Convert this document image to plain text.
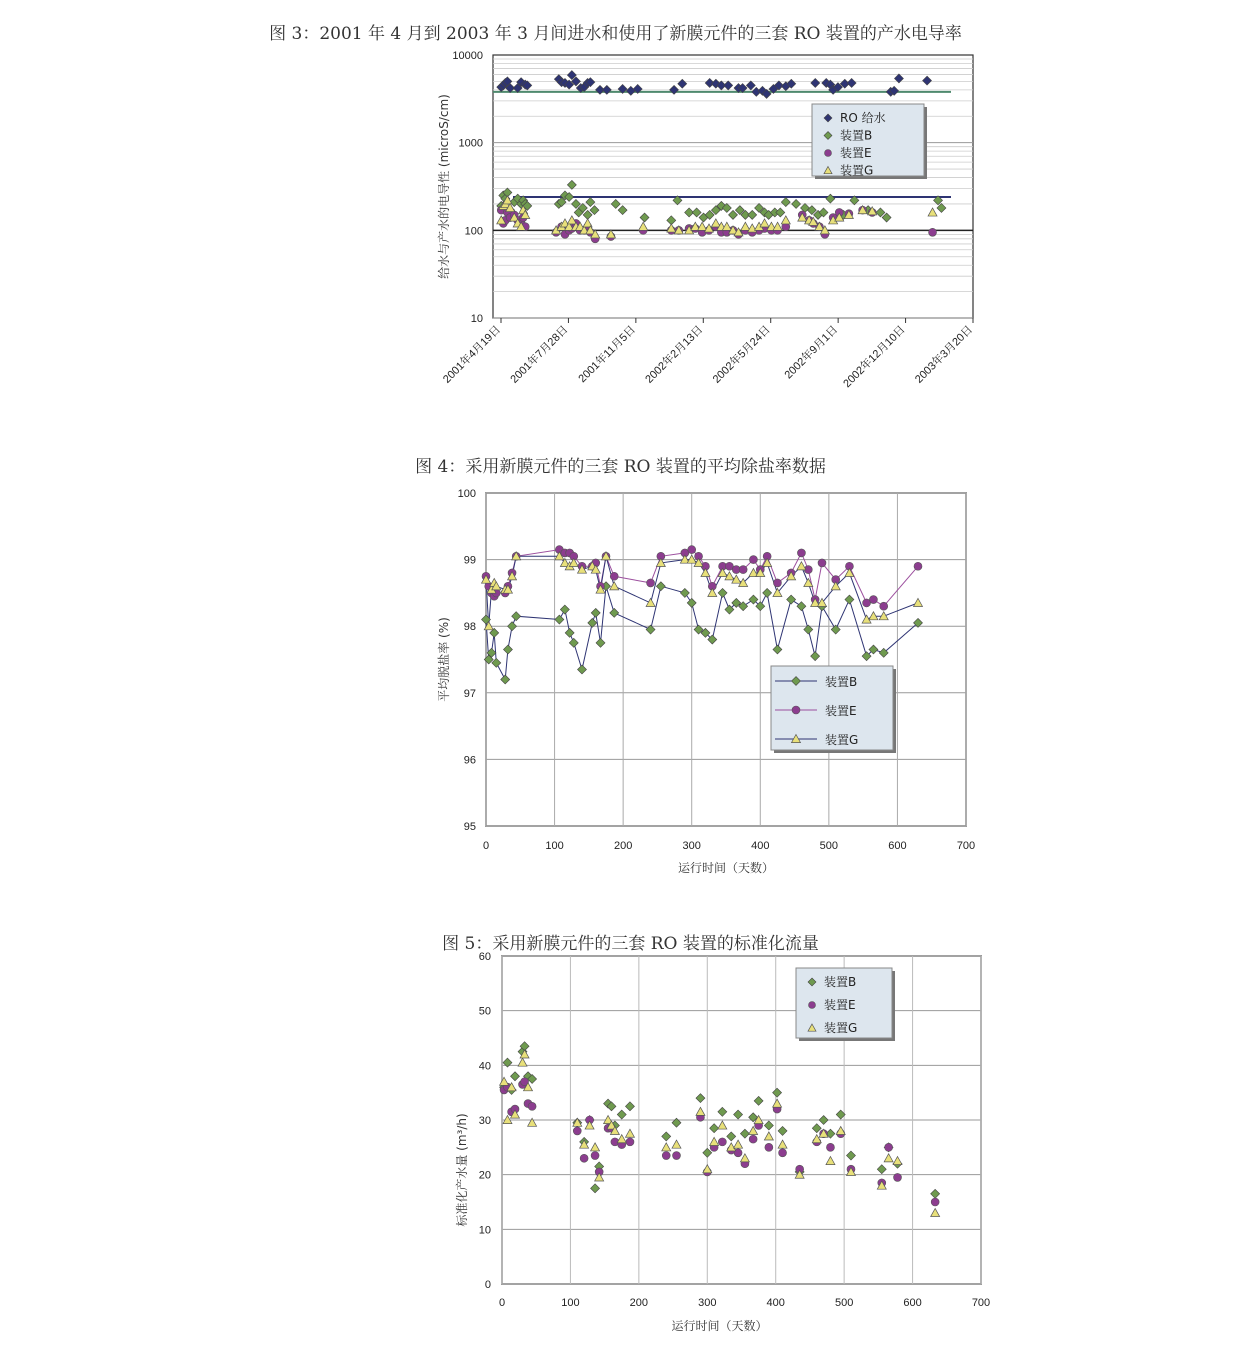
图 3：2001 年 4 月到 2003 年 3 月间进水和使用了新膜元件的三套 RO 装置的产水电导率
图 4：采用新膜元件的三套 RO 装置的平均除盐率数据
图 5：采用新膜元件的三套 RO 装置的标准化流量
10
100
1000
10000
2001年4月19日 2001年7月28日 2001年11月5日 2002年2月13日 2002年5月24日 2002年9月1日 2002年12月10日 2003年3月20日
给水与产水的电导性 (microS/cm)	RO 给水
装置B
装置E
装置G
95
96
97
98
99
100
0	100	200	300	400	500	600	700
运行时间（天数）
平均脱盐率 (%)	装置B
装置E
装置G
0
10
20
30
40
50
60
0	100	200	300	400	500	600	700
运行时间（天数）
标准化产水量 (m³/h)
装置B
装置E
装置G
